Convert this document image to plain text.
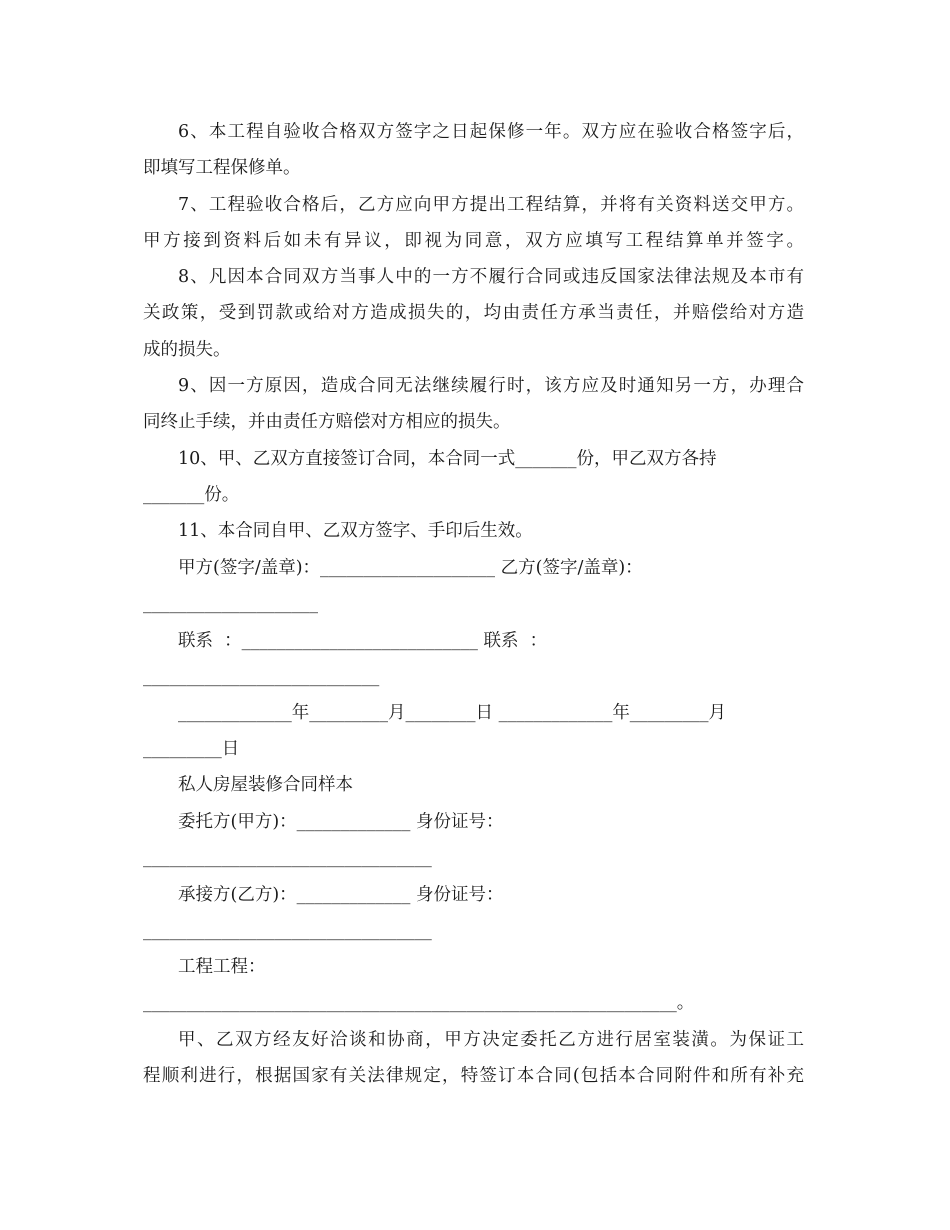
6、本工程自验收合格双方签字之日起保修一年。双方应在验收合格签字后，
即填写工程保修单。
7、工程验收合格后，乙方应向甲方提出工程结算，并将有关资料送交甲方。
甲方接到资料后如未有异议，即视为同意，双方应填写工程结算单并签字。
8、凡因本合同双方当事人中的一方不履行合同或违反国家法律法规及本市有
关政策，受到罚款或给对方造成损失的，均由责任方承当责任，并赔偿给对方造
成的损失。
9、因一方原因，造成合同无法继续履行时，该方应及时通知另一方，办理合
同终止手续，并由责任方赔偿对方相应的损失。
10、甲、乙双方直接签订合同，本合同一式_______份，甲乙双方各持
_______份。
11、本合同自甲、乙双方签字、手印后生效。
甲方(签字/盖章)：____________________ 乙方(签字/盖章)：
____________________
联系  ：___________________________ 联系  ：
___________________________
_____________年_________月________日 _____________年_________月
_________日
私人房屋装修合同样本
委托方(甲方)：_____________ 身份证号：
_________________________________
承接方(乙方)：_____________ 身份证号：
_________________________________
工程工程：
_____________________________________________________________。
甲、乙双方经友好洽谈和协商，甲方决定委托乙方进行居室装潢。为保证工
程顺利进行，根据国家有关法律规定，特签订本合同(包括本合同附件和所有补充
